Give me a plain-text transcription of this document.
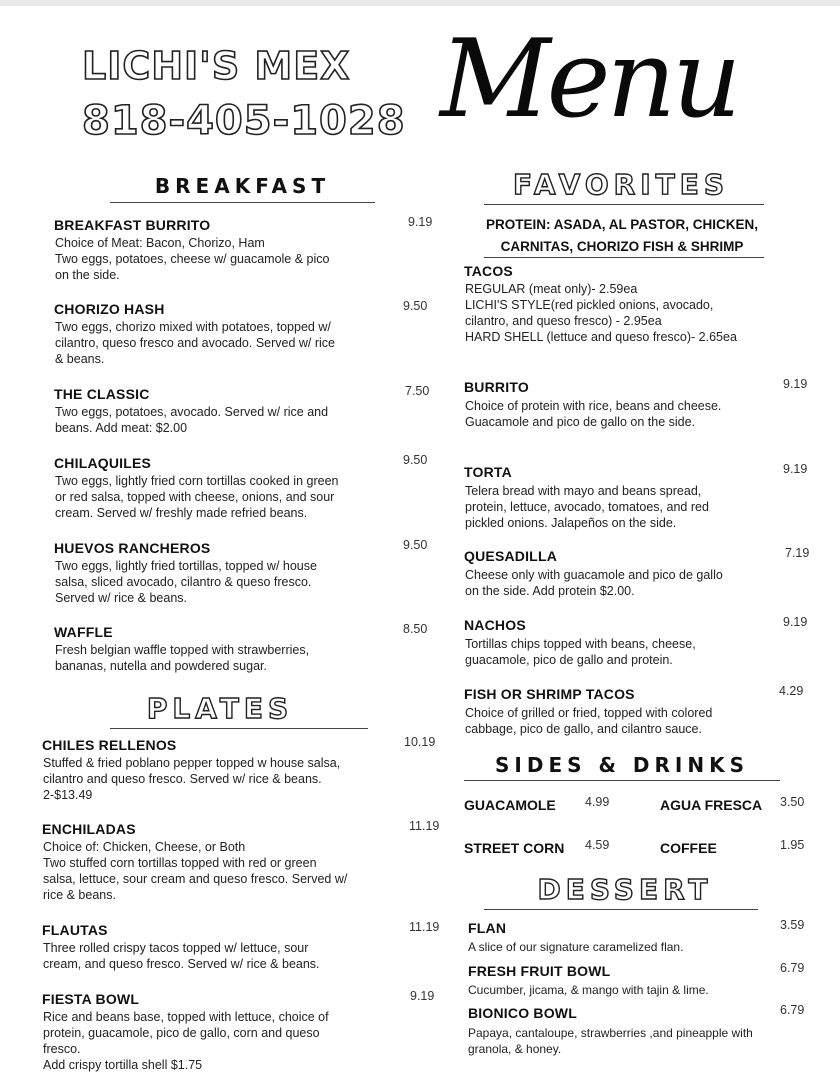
LICHI'S MEX
818-405-1028 Menu
BREAKFAST
BREAKFAST BURRITO	9.19
Choice of Meat: Bacon, Chorizo, Ham
Two eggs, potatoes, cheese w/ guacamole & pico
on the side.
CHORIZO HASH	9.50
Two eggs, chorizo mixed with potatoes, topped w/
cilantro, queso fresco and avocado. Served w/ rice
& beans.
THE CLASSIC	7.50
Two eggs, potatoes, avocado. Served w/ rice and
beans. Add meat: $2.00
CHILAQUILES	9.50
Two eggs, lightly fried corn tortillas cooked in green
or red salsa, topped with cheese, onions, and sour
cream. Served w/ freshly made refried beans.
HUEVOS RANCHEROS	9.50
Two eggs, lightly fried tortillas, topped w/ house
salsa, sliced avocado, cilantro & queso fresco.
Served w/ rice & beans.
WAFFLE	8.50
Fresh belgian waffle topped with strawberries,
bananas, nutella and powdered sugar.
PLATES
CHILES RELLENOS	10.19
Stuffed & fried poblano pepper topped w house salsa,
cilantro and queso fresco. Served w/ rice & beans.
2-$13.49
ENCHILADAS	11.19
Choice of: Chicken, Cheese, or Both
Two stuffed corn tortillas topped with red or green
salsa, lettuce, sour cream and queso fresco. Served w/
rice & beans.
FLAUTAS	11.19
Three rolled crispy tacos topped w/ lettuce, sour
cream, and queso fresco. Served w/ rice & beans.
FIESTA BOWL	9.19
Rice and beans base, topped with lettuce, choice of
protein, guacamole, pico de gallo, corn and queso
fresco.
Add crispy tortilla shell $1.75
FAVORITES
PROTEIN: ASADA, AL PASTOR, CHICKEN,
CARNITAS, CHORIZO FISH & SHRIMP
TACOS
REGULAR (meat only)- 2.59ea
LICHI'S STYLE(red pickled onions, avocado,
cilantro, and queso fresco) - 2.95ea
HARD SHELL (lettuce and queso fresco)- 2.65ea
BURRITO	9.19
Choice of protein with rice, beans and cheese.
Guacamole and pico de gallo on the side.
TORTA	9.19
Telera bread with mayo and beans spread,
protein, lettuce, avocado, tomatoes, and red
pickled onions. Jalapeños on the side.
QUESADILLA	7.19
Cheese only with guacamole and pico de gallo
on the side. Add protein $2.00.
NACHOS	9.19
Tortillas chips topped with beans, cheese,
guacamole, pico de gallo and protein.
FISH OR SHRIMP TACOS	4.29
Choice of grilled or fried, topped with colored
cabbage, pico de gallo, and cilantro sauce.
SIDES & DRINKS
GUACAMOLE 4.99	AGUA FRESCA 3.50
STREET CORN 4.59	COFFEE	1.95
DESSERT
FLAN	3.59
A slice of our signature caramelized flan.
FRESH FRUIT BOWL	6.79
Cucumber, jicama, & mango with tajin & lime.
BIONICO BOWL	6.79
Papaya, cantaloupe, strawberries ,and pineapple with
granola, & honey.
